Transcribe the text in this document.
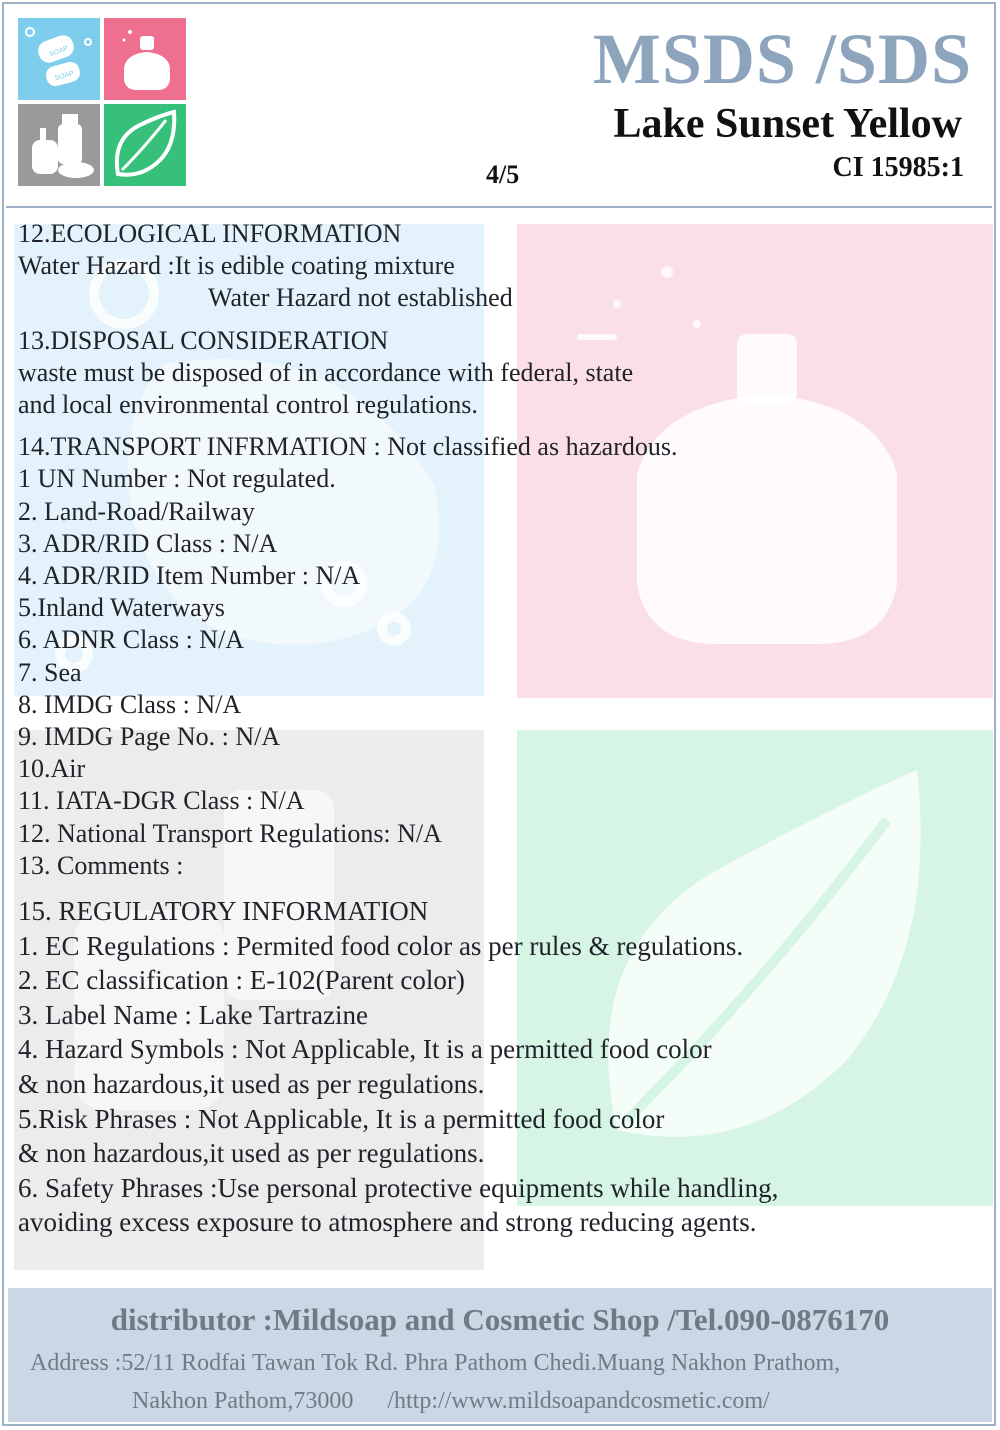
SOAP
SOAP	MSDS /SDS
Lake Sunset Yellow
CI 15985:1
4/5
12.ECOLOGICAL INFORMATION
Water Hazard :It is edible coating mixture
Water Hazard not established
13.DISPOSAL CONSIDERATION
waste must be disposed of in accordance with federal, state
and local environmental control regulations.
14.TRANSPORT INFRMATION : Not classified as hazardous.
1 UN Number : Not regulated.
2. Land-Road/Railway
3. ADR/RID Class : N/A
4. ADR/RID Item Number : N/A
5.Inland Waterways
6. ADNR Class : N/A
7. Sea
8. IMDG Class : N/A
9. IMDG Page No. : N/A
10.Air
11. IATA-DGR Class : N/A
12. National Transport Regulations: N/A
13. Comments :
15. REGULATORY INFORMATION
1. EC Regulations : Permited food color as per rules & regulations.
2. EC classification : E-102(Parent color)
3. Label Name : Lake Tartrazine
4. Hazard Symbols : Not Applicable, It is a permitted food color
& non hazardous,it used as per regulations.
5.Risk Phrases : Not Applicable, It is a permitted food color
& non hazardous,it used as per regulations.
6. Safety Phrases :Use personal protective equipments while handling,
avoiding excess exposure to atmosphere and strong reducing agents.
distributor :Mildsoap and Cosmetic Shop /Tel.090-0876170
Address :52/11 Rodfai Tawan Tok Rd. Phra Pathom Chedi.Muang Nakhon Prathom,
Nakhon Pathom,73000 /http://www.mildsoapandcosmetic.com/
